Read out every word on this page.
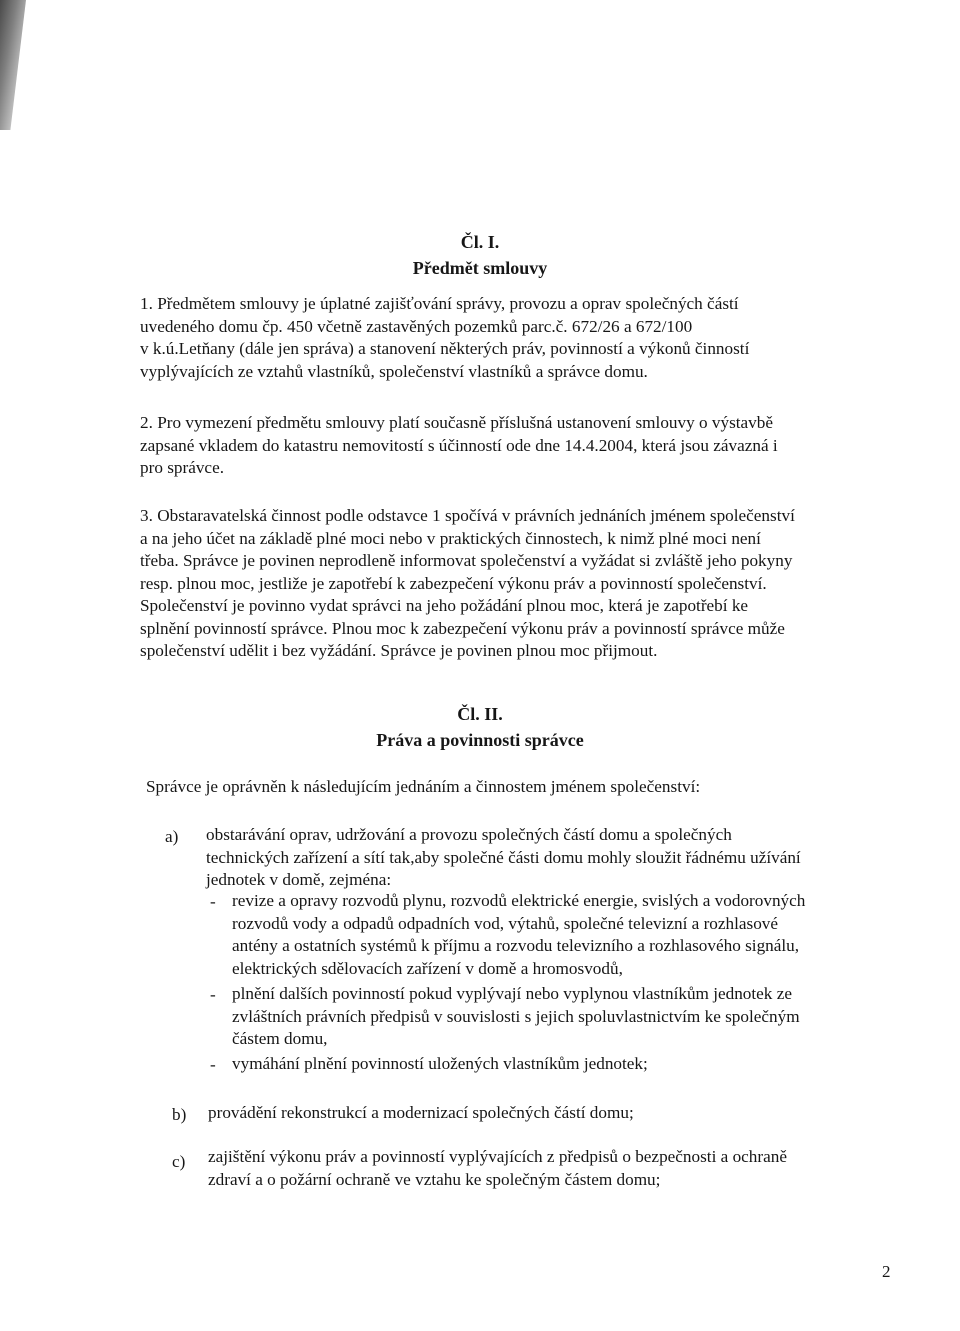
Čl. I.
Předmět smlouvy
1. Předmětem smlouvy je úplatné zajišťování správy, provozu a oprav společných částí
uvedeného domu čp. 450 včetně zastavěných pozemků parc.č. 672/26 a 672/100
v k.ú.Letňany (dále jen správa) a stanovení některých práv, povinností a výkonů činností
vyplývajících ze vztahů vlastníků, společenství vlastníků a správce domu.
2. Pro vymezení předmětu smlouvy platí současně příslušná ustanovení smlouvy o výstavbě
zapsané vkladem do katastru nemovitostí s účinností ode dne 14.4.2004, která jsou závazná i
pro správce.
3. Obstaravatelská činnost podle odstavce 1 spočívá v právních jednáních jménem společenství
a na jeho účet na základě plné moci nebo v praktických činnostech, k nimž plné moci není
třeba. Správce je povinen neprodleně informovat společenství a vyžádat si zvláště jeho pokyny
resp. plnou moc, jestliže je zapotřebí k zabezpečení výkonu práv a povinností společenství.
Společenství je povinno vydat správci na jeho požádání plnou moc, která je zapotřebí ke
splnění povinností správce. Plnou moc k zabezpečení výkonu práv a povinností správce může
společenství udělit i bez vyžádání. Správce je povinen plnou moc přijmout.
Čl. II.
Práva a povinnosti správce
Správce je oprávněn k následujícím jednáním a činnostem jménem společenství:
a) obstarávání oprav, udržování a provozu společných částí domu a společných
technických zařízení a sítí tak,aby společné části domu mohly sloužit řádnému užívání
jednotek v domě, zejména:
- revize a opravy rozvodů plynu, rozvodů elektrické energie, svislých a vodorovných
rozvodů vody a odpadů odpadních vod, výtahů, společné televizní a rozhlasové
antény a ostatních systémů k příjmu a rozvodu televizního a rozhlasového signálu,
elektrických sdělovacích zařízení v domě a hromosvodů,
- plnění dalších povinností pokud vyplývají nebo vyplynou vlastníkům jednotek ze
zvláštních právních předpisů v souvislosti s jejich spoluvlastnictvím ke společným
částem domu,
- vymáhání plnění povinností uložených vlastníkům jednotek;
b) provádění rekonstrukcí a modernizací společných částí domu;
c) zajištění výkonu práv a povinností vyplývajících z předpisů o bezpečnosti a ochraně
zdraví a o požární ochraně ve vztahu ke společným částem domu;
2
